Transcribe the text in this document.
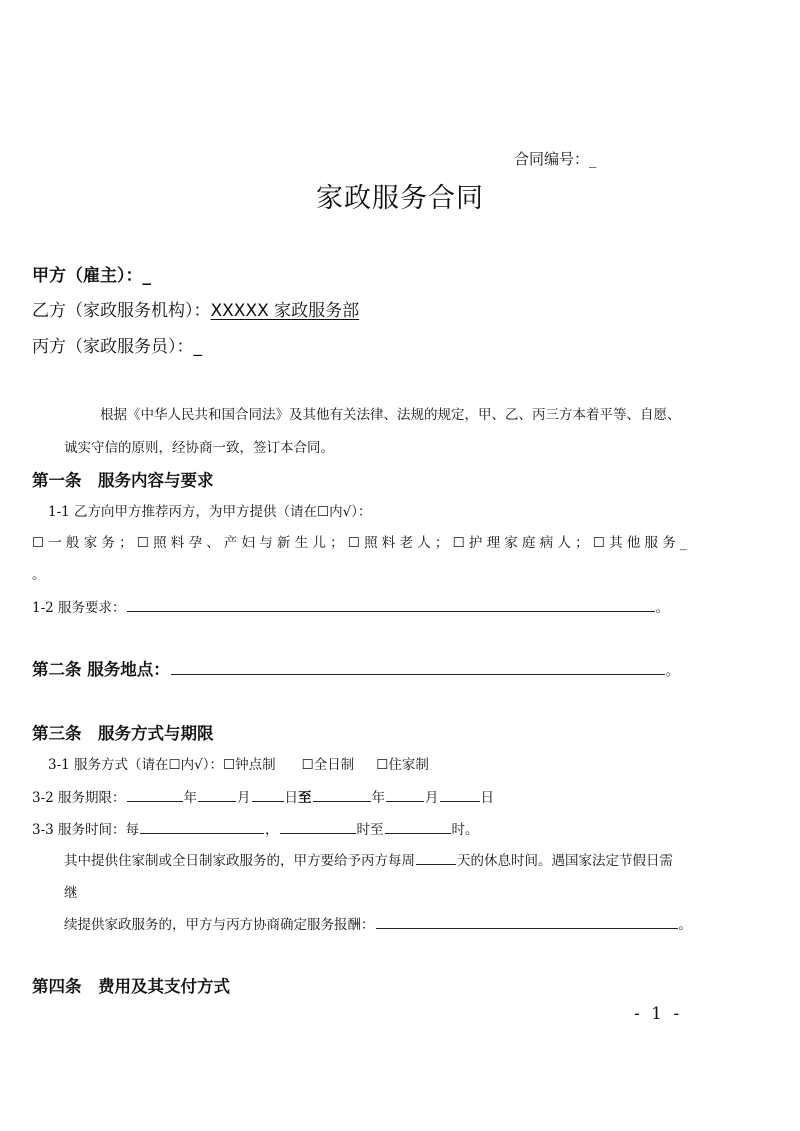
合同编号：_
家政服务合同
甲方（雇主）：_
乙方（家政服务机构）：XXXXX 家政服务部
丙方（家政服务员）：_
根据《中华人民共和国合同法》及其他有关法律、法规的规定，甲、乙、丙三方本着平等、自愿、
诚实守信的原则，经协商一致，签订本合同。
第一条　服务内容与要求
1-1 乙方向甲方推荐丙方，为甲方提供（请在☐内√）：
☐一般家务；☐照料孕、产妇与新生儿；☐照料老人；☐护理家庭病人；☐其他服务_
。
1-2 服务要求：	。
第二条 服务地点：	。
第三条　服务方式与期限
3-1 服务方式（请在☐内√）：☐钟点制 ☐全日制 ☐住家制
3-2 服务期限：	年	月	日至	年	月	日
3-3 服务时间：每	，	时至	时。
其中提供住家制或全日制家政服务的，甲方要给予丙方每周	天的休息时间。遇国家法定节假日需
继
续提供家政服务的，甲方与丙方协商确定服务报酬：	。
第四条　费用及其支付方式
- 1 -
